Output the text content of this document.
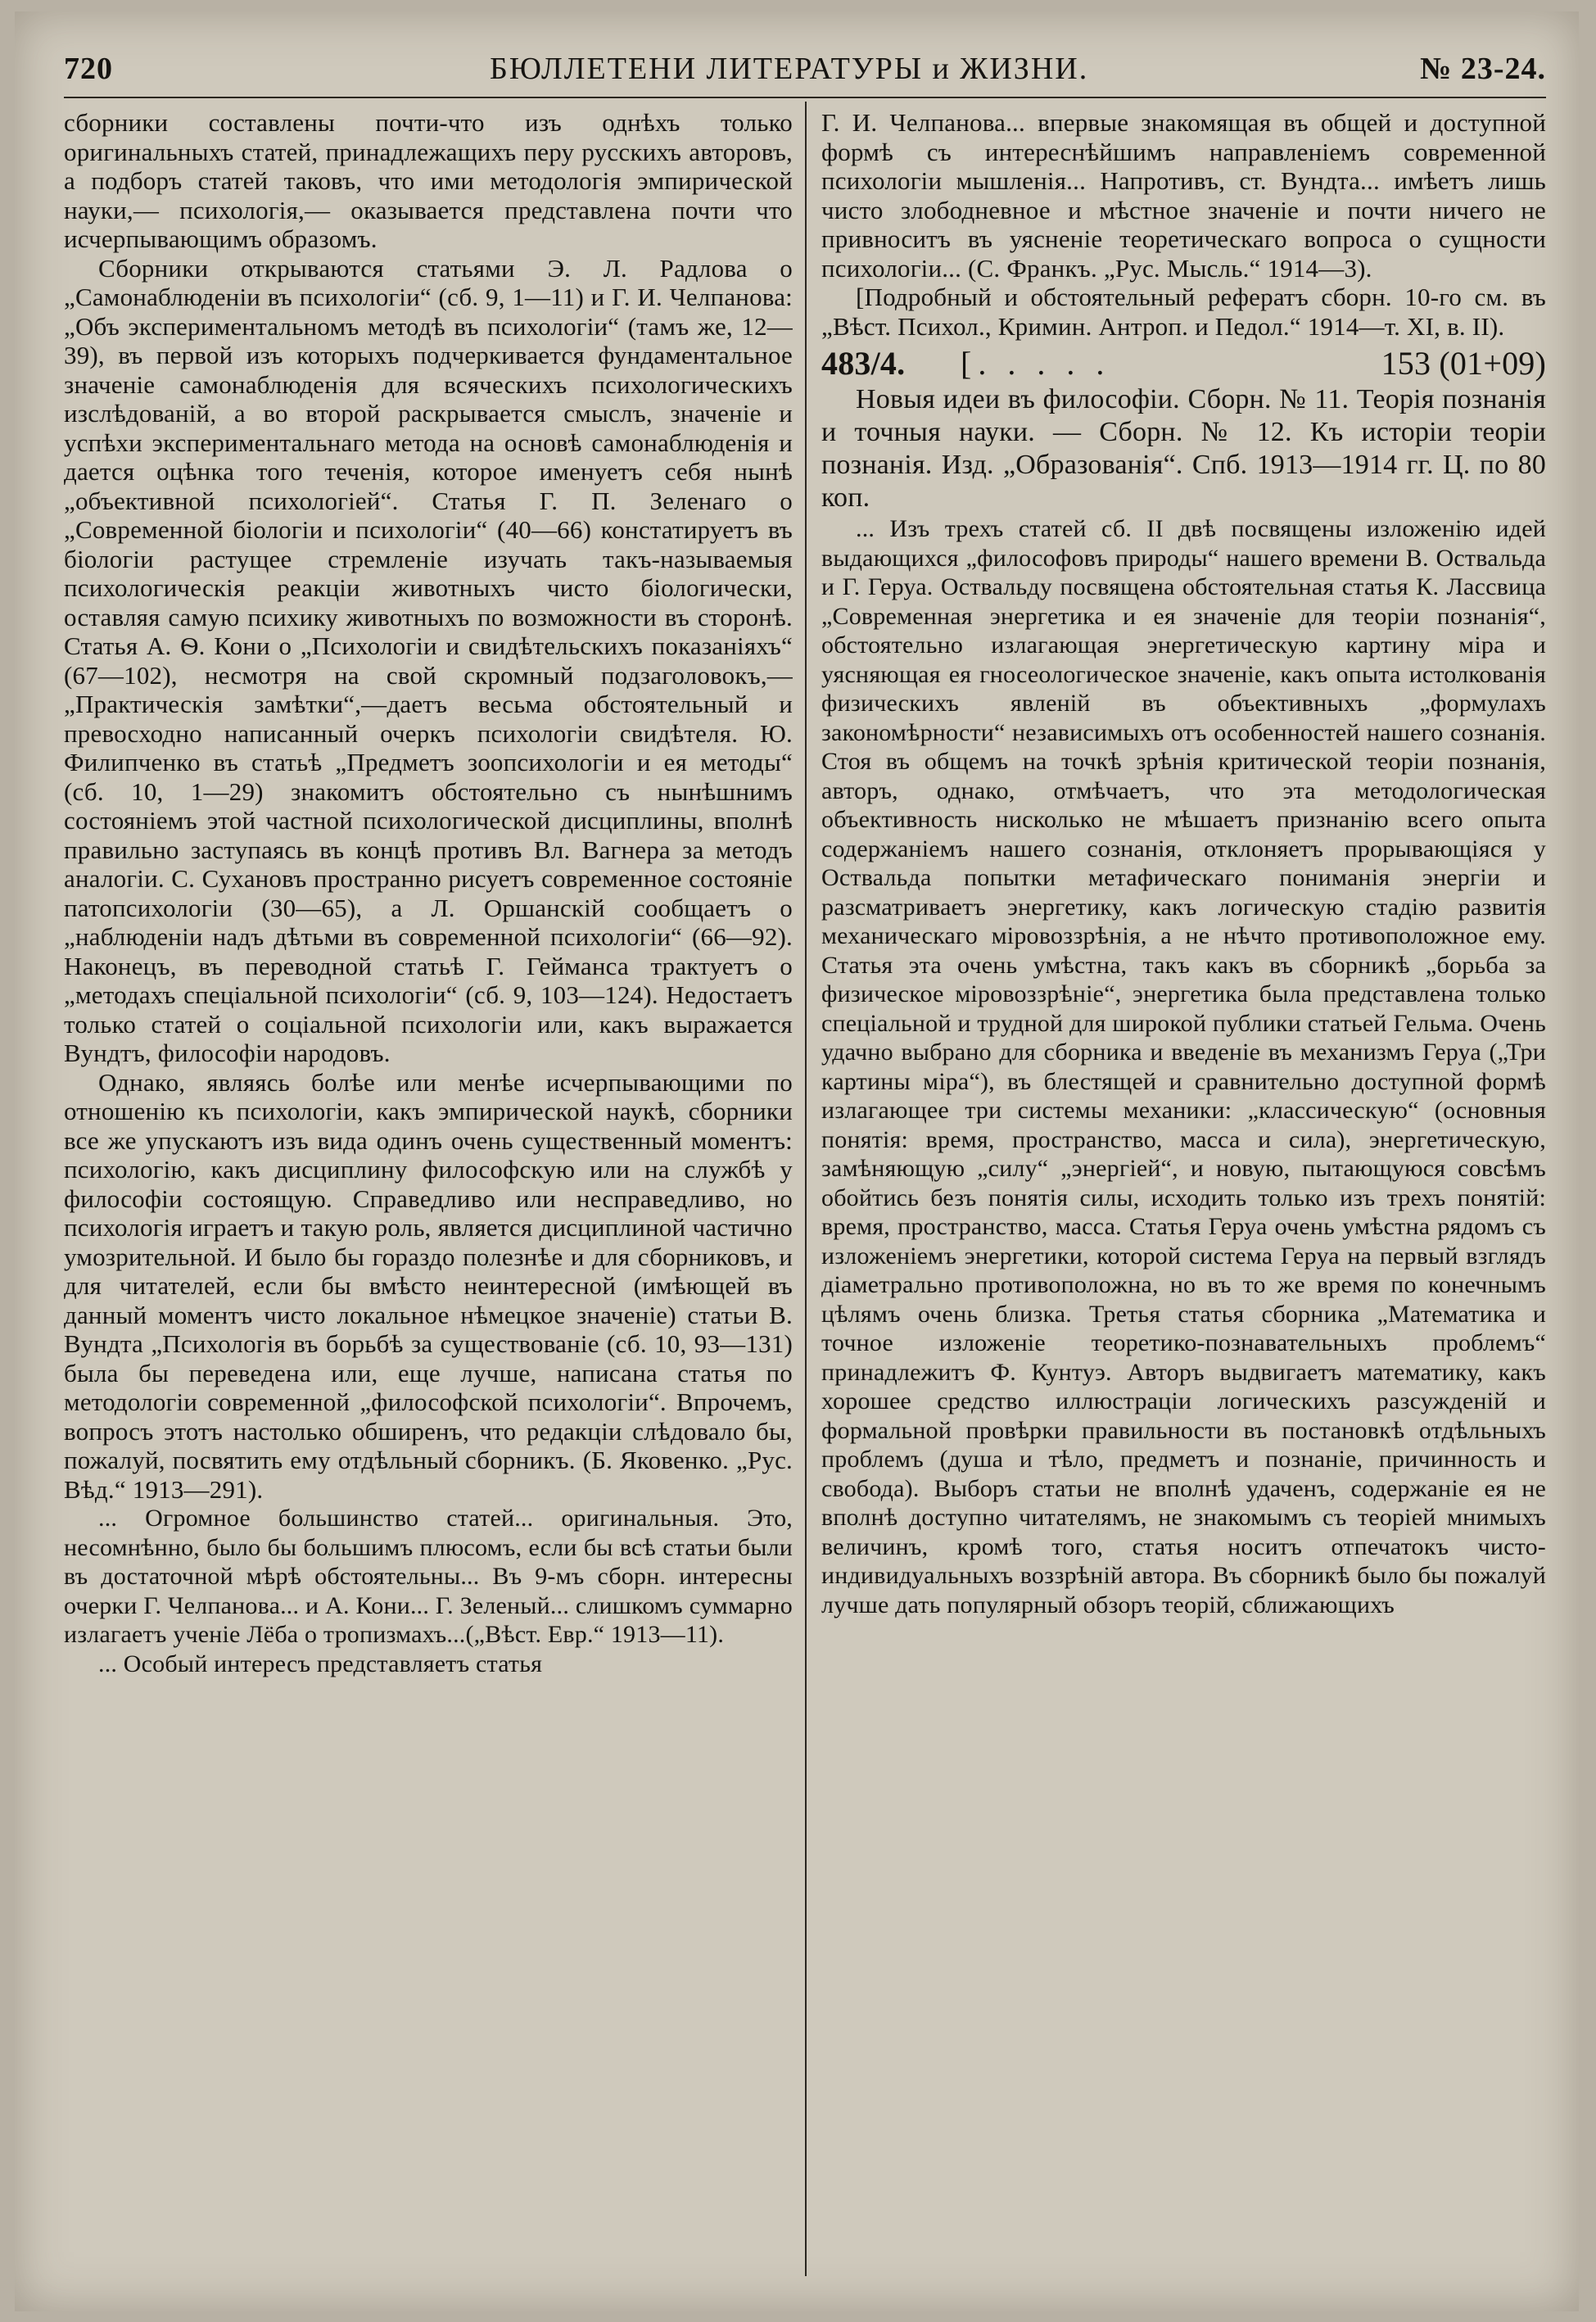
720	БЮЛЛЕТЕНИ ЛИТЕРАТУРЫ и ЖИЗНИ.	№ 23-24.

сборники составлены почти-что изъ однѣхъ только оригинальныхъ статей, принадлежащихъ перу русскихъ авторовъ, а подборъ статей таковъ, что ими методологія эмпирической науки,— психологія,— оказывается представлена почти что исчерпывающимъ образомъ.

Сборники открываются статьями Э. Л. Радлова о „Самонаблюденіи въ психологіи“ (сб. 9, 1—11) и Г. И. Челпанова: „Объ экспериментальномъ методѣ въ психологіи“ (тамъ же, 12—39), въ первой изъ которыхъ подчеркивается фундаментальное значеніе самонаблюденія для всяческихъ психологическихъ изслѣдованій, а во второй раскрывается смыслъ, значеніе и успѣхи экспериментальнаго метода на основѣ самонаблюденія и дается оцѣнка того теченія, которое именуетъ себя нынѣ „объективной психологіей“. Статья Г. П. Зеленаго о „Современной біологіи и психологіи“ (40—66) констатируетъ въ біологіи растущее стремленіе изучать такъ-называемыя психологическія реакціи животныхъ чисто біологически, оставляя самую психику животныхъ по возможности въ сторонѣ. Статья А. Ѳ. Кони о „Психологіи и свидѣтельскихъ показаніяхъ“ (67—102), несмотря на свой скромный подзаголовокъ,—„Практическія замѣтки“,—даетъ весьма обстоятельный и превосходно написанный очеркъ психологіи свидѣтеля. Ю. Филипченко въ статьѣ „Предметъ зоопсихологіи и ея методы“ (сб. 10, 1—29) знакомитъ обстоятельно съ нынѣшнимъ состояніемъ этой частной психологической дисциплины, вполнѣ правильно заступаясь въ концѣ противъ Вл. Вагнера за методъ аналогіи. С. Сухановъ пространно рисуетъ современное состояніе патопсихологіи (30—65), а Л. Оршанскій сообщаетъ о „наблюденіи надъ дѣтьми въ современной психологіи“ (66—92). Наконецъ, въ переводной статьѣ Г. Гейманса трактуетъ о „методахъ спеціальной психологіи“ (сб. 9, 103—124). Недостаетъ только статей о соціальной психологіи или, какъ выражается Вундтъ, философіи народовъ.

Однако, являясь болѣе или менѣе исчерпывающими по отношенію къ психологіи, какъ эмпирической наукѣ, сборники все же упускаютъ изъ вида одинъ очень существенный моментъ: психологію, какъ дисциплину философскую или на службѣ у философіи состоящую. Справедливо или несправедливо, но психологія играетъ и такую роль, является дисциплиной частично умозрительной. И было бы гораздо полезнѣе и для сборниковъ, и для читателей, если бы вмѣсто неинтересной (имѣющей въ данный моментъ чисто локальное нѣмецкое значеніе) статьи В. Вундта „Психологія въ борьбѣ за существованіе (сб. 10, 93—131) была бы переведена или, еще лучше, написана статья по методологіи современной „философской психологіи“. Впрочемъ, вопросъ этотъ настолько обширенъ, что редакціи слѣдовало бы, пожалуй, посвятить ему отдѣльный сборникъ. (Б. Яковенко. „Рус. Вѣд.“ 1913—291).

... Огромное большинство статей... оригинальныя. Это, несомнѣнно, было бы большимъ плюсомъ, если бы всѣ статьи были въ достаточной мѣрѣ обстоятельны... Въ 9-мъ сборн. интересны очерки Г. Челпанова... и А. Кони... Г. Зеленый... слишкомъ суммарно излагаетъ ученіе Лёба о тропизмахъ...(„Вѣст. Евр.“ 1913—11).

... Особый интересъ представляетъ статья

Г. И. Челпанова... впервые знакомящая въ общей и доступной формѣ съ интереснѣйшимъ направленіемъ современной психологіи мышленія... Напротивъ, ст. Вундта... имѣетъ лишь чисто злободневное и мѣстное значеніе и почти ничего не привноситъ въ уясненіе теоретическаго вопроса о сущности психологіи... (С. Франкъ. „Рус. Мысль.“ 1914—3).

[Подробный и обстоятельный рефератъ сборн. 10-го см. въ „Вѣст. Психол., Кримин. Антроп. и Педол.“ 1914—т. XI, в. II).

483/4. [. . . . .	153 (01+09)

Новыя идеи въ философіи. Сборн. № 11. Теорія познанія и точныя науки. — Сборн. № 12. Къ исторіи теоріи познанія. Изд. „Образованія“. Спб. 1913—1914 гг. Ц. по 80 коп.

... Изъ трехъ статей сб. II двѣ посвящены изложенію идей выдающихся „философовъ природы“ нашего времени В. Оствальда и Г. Геруа. Оствальду посвящена обстоятельная статья К. Лассвица „Современная энергетика и ея значеніе для теоріи познанія“, обстоятельно излагающая энергетическую картину міра и уясняющая ея гносеологическое значеніе, какъ опыта истолкованія физическихъ явленій въ объективныхъ „формулахъ закономѣрности“ независимыхъ отъ особенностей нашего сознанія. Стоя въ общемъ на точкѣ зрѣнія критической теоріи познанія, авторъ, однако, отмѣчаетъ, что эта методологическая объективность нисколько не мѣшаетъ признанію всего опыта содержаніемъ нашего сознанія, отклоняетъ прорывающіяся у Оствальда попытки метафическаго пониманія энергіи и разсматриваетъ энергетику, какъ логическую стадію развитія механическаго міровоззрѣнія, а не нѣчто противоположное ему. Статья эта очень умѣстна, такъ какъ въ сборникѣ „борьба за физическое міровоззрѣніе“, энергетика была представлена только спеціальной и трудной для широкой публики статьей Гельма. Очень удачно выбрано для сборника и введеніе въ механизмъ Геруа („Три картины міра“), въ блестящей и сравнительно доступной формѣ излагающее три системы механики: „классическую“ (основныя понятія: время, пространство, масса и сила), энергетическую, замѣняющую „силу“ „энергіей“, и новую, пытающуюся совсѣмъ обойтись безъ понятія силы, исходить только изъ трехъ понятій: время, пространство, масса. Статья Геруа очень умѣстна рядомъ съ изложеніемъ энергетики, которой система Геруа на первый взглядъ діаметрально противоположна, но въ то же время по конечнымъ цѣлямъ очень близка. Третья статья сборника „Математика и точное изложеніе теоретико-познавательныхъ проблемъ“ принадлежитъ Ф. Кунтуэ. Авторъ выдвигаетъ математику, какъ хорошее средство иллюстраціи логическихъ разсужденій и формальной провѣрки правильности въ постановкѣ отдѣльныхъ проблемъ (душа и тѣло, предметъ и познаніе, причинность и свобода). Выборъ статьи не вполнѣ удаченъ, содержаніе ея не вполнѣ доступно читателямъ, не знакомымъ съ теоріей мнимыхъ величинъ, кромѣ того, статья носитъ отпечатокъ чисто-индивидуальныхъ воззрѣній автора. Въ сборникѣ было бы пожалуй лучше дать популярный обзоръ теорій, сближающихъ
